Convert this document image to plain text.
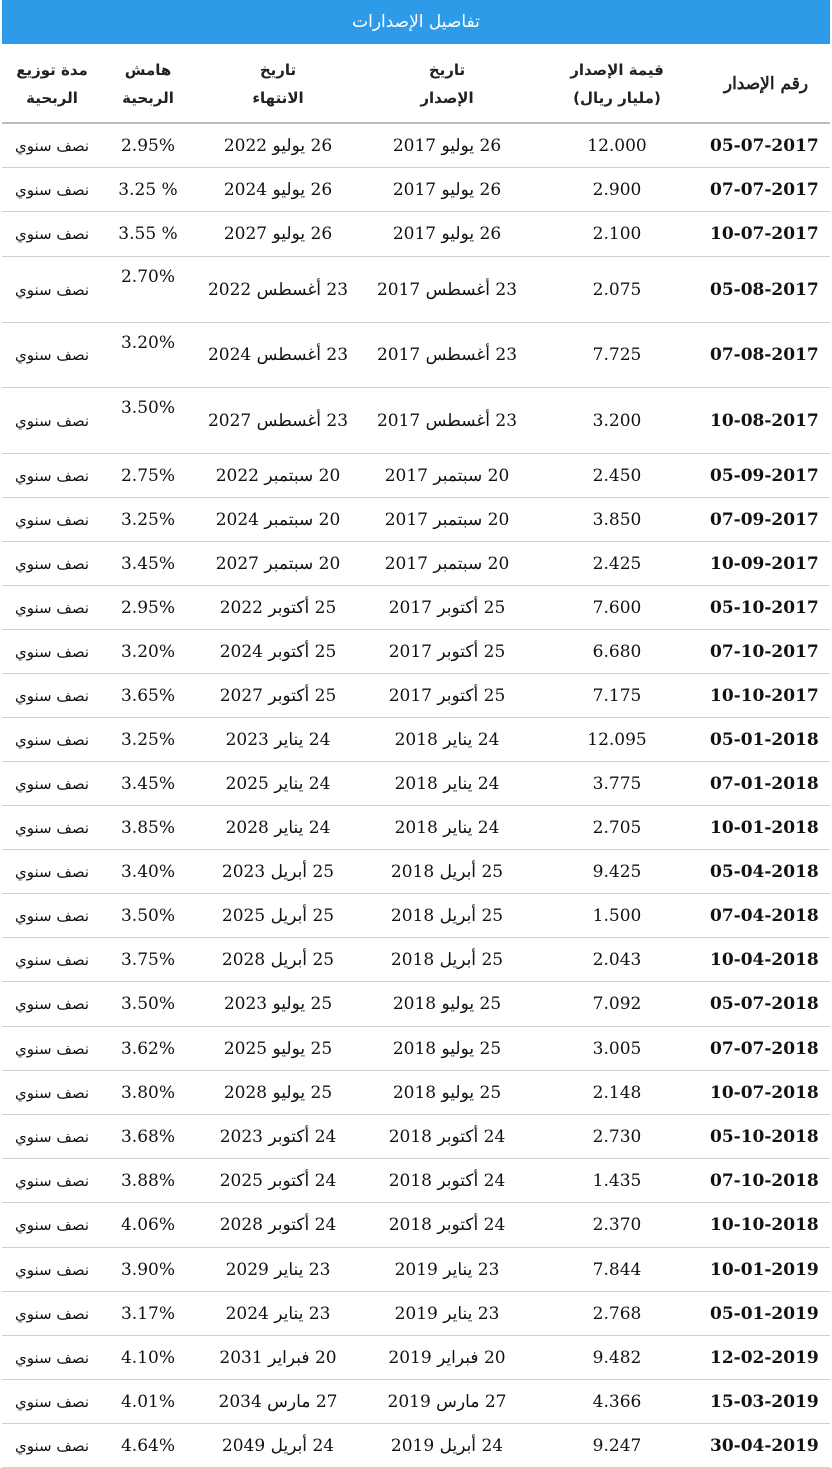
تفاصيل الإصدارات
رقم الإصدار
قيمة الإصدار
(مليار ريال)
تاريخ
الإصدار
تاريخ
الانتهاء
هامش
الربحية
مدة توزيع الربحية
05-07-2017
12.000
26 يوليو 2017
26 يوليو 2022
2.95%
نصف سنوي
07-07-2017
2.900
26 يوليو 2017
26 يوليو 2024
3.25 %
نصف سنوي
10-07-2017
2.100
26 يوليو 2017
26 يوليو 2027
3.55 %
نصف سنوي
05-08-2017
2.075
23 أغسطس 2017
23 أغسطس 2022
2.70%
نصف سنوي
07-08-2017
7.725
23 أغسطس 2017
23 أغسطس 2024
3.20%
نصف سنوي
10-08-2017
3.200
23 أغسطس 2017
23 أغسطس 2027
3.50%
نصف سنوي
05-09-2017
2.450
20 سبتمبر 2017
20 سبتمبر 2022
2.75%
نصف سنوي
07-09-2017
3.850
20 سبتمبر 2017
20 سبتمبر 2024
3.25%
نصف سنوي
10-09-2017
2.425
20 سبتمبر 2017
20 سبتمبر 2027
3.45%
نصف سنوي
05-10-2017
7.600
25 أكتوبر 2017
25 أكتوبر 2022
2.95%
نصف سنوي
07-10-2017
6.680
25 أكتوبر 2017
25 أكتوبر 2024
3.20%
نصف سنوي
10-10-2017
7.175
25 أكتوبر 2017
25 أكتوبر 2027
3.65%
نصف سنوي
05-01-2018
12.095
24 يناير 2018
24 يناير 2023
3.25%
نصف سنوي
07-01-2018
3.775
24 يناير 2018
24 يناير 2025
3.45%
نصف سنوي
10-01-2018
2.705
24 يناير 2018
24 يناير 2028
3.85%
نصف سنوي
05-04-2018
9.425
25 أبريل 2018
25 أبريل 2023
3.40%
نصف سنوي
07-04-2018
1.500
25 أبريل 2018
25 أبريل 2025
3.50%
نصف سنوي
10-04-2018
2.043
25 أبريل 2018
25 أبريل 2028
3.75%
نصف سنوي
05-07-2018
7.092
25 يوليو 2018
25 يوليو 2023
3.50%
نصف سنوي
07-07-2018
3.005
25 يوليو 2018
25 يوليو 2025
3.62%
نصف سنوي
10-07-2018
2.148
25 يوليو 2018
25 يوليو 2028
3.80%
نصف سنوي
05-10-2018
2.730
24 أكتوبر 2018
24 أكتوبر 2023
3.68%
نصف سنوي
07-10-2018
1.435
24 أكتوبر 2018
24 أكتوبر 2025
3.88%
نصف سنوي
10-10-2018
2.370
24 أكتوبر 2018
24 أكتوبر 2028
4.06%
نصف سنوي
10-01-2019
7.844
23 يناير 2019
23 يناير 2029
3.90%
نصف سنوي
05-01-2019
2.768
23 يناير 2019
23 يناير 2024
3.17%
نصف سنوي
12-02-2019
9.482
20 فبراير 2019
20 فبراير 2031
4.10%
نصف سنوي
15-03-2019
4.366
27 مارس 2019
27 مارس 2034
4.01%
نصف سنوي
30-04-2019
9.247
24 أبريل 2019
24 أبريل 2049
4.64%
نصف سنوي
